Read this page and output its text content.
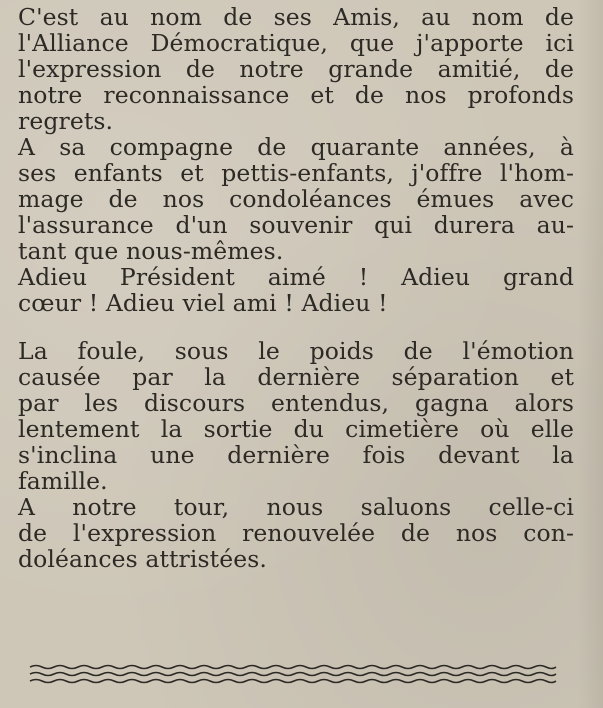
C'est au nom de ses Amis, au nom de
l'Alliance Démocratique, que j'apporte ici
l'expression de notre grande amitié, de
notre reconnaissance et de nos profonds
regrets.
A sa compagne de quarante années, à
ses enfants et pettis-enfants, j'offre l'hom-
mage de nos condoléances émues avec
l'assurance d'un souvenir qui durera au-
tant que nous-mêmes.
Adieu Président aimé ! Adieu grand
cœur ! Adieu viel ami ! Adieu !
La foule, sous le poids de l'émotion
causée par la dernière séparation et
par les discours entendus, gagna alors
lentement la sortie du cimetière où elle
s'inclina une dernière fois devant la
famille.
A notre tour, nous saluons celle-ci
de l'expression renouvelée de nos con-
doléances attristées.
